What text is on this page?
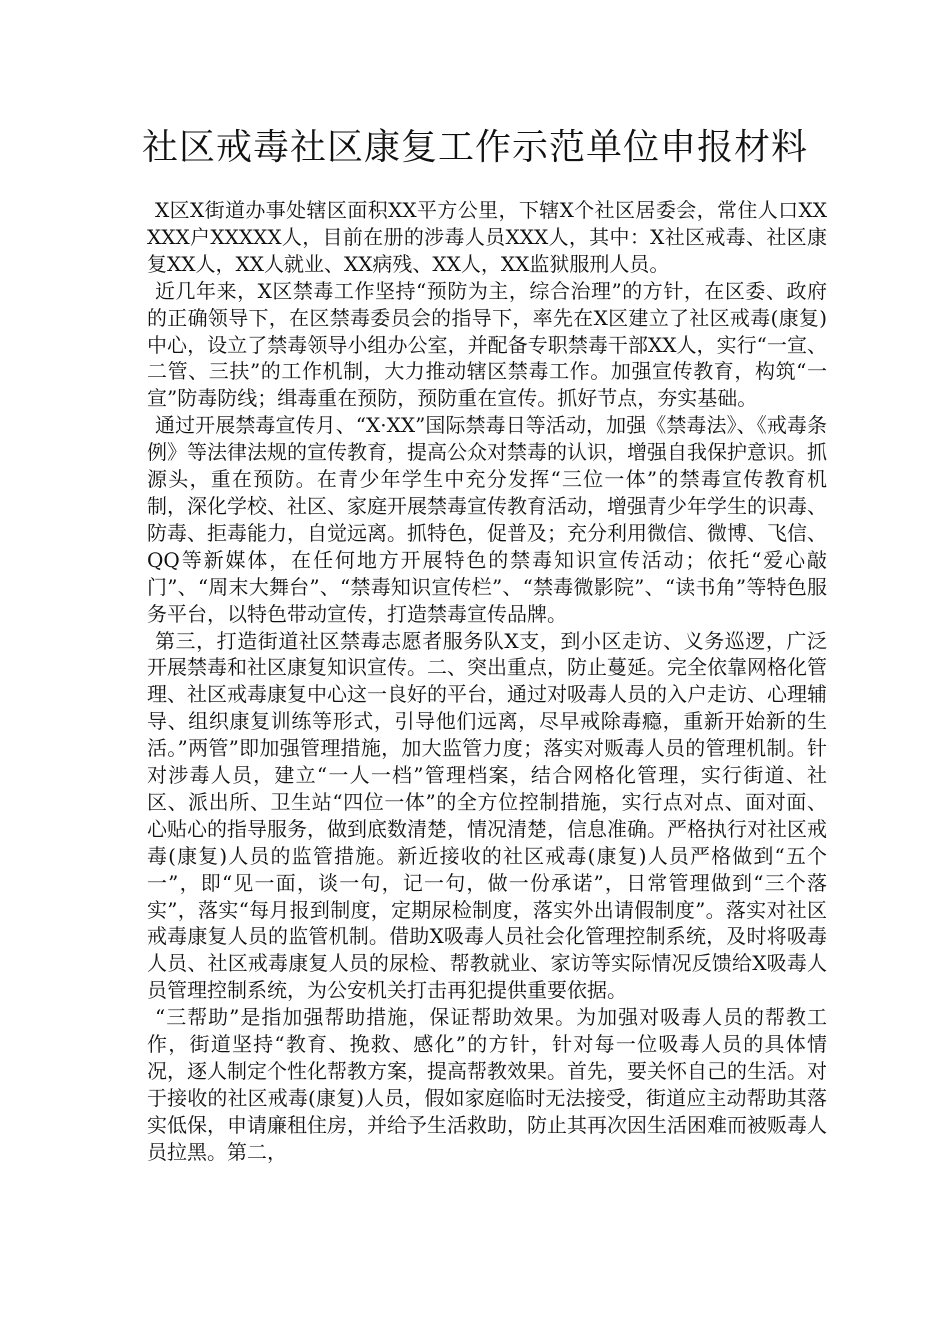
社区戒毒社区康复工作示范单位申报材料

X区X街道办事处辖区面积XX平方公里，下辖X个社区居委会，常住人口XXXXX户XXXXX人，目前在册的涉毒人员XXX人，其中：X社区戒毒、社区康复XX人，XX人就业、XX病残、XX人，XX监狱服刑人员。

近几年来，X区禁毒工作坚持“预防为主，综合治理”的方针，在区委、政府的正确领导下，在区禁毒委员会的指导下，率先在X区建立了社区戒毒(康复)中心，设立了禁毒领导小组办公室，并配备专职禁毒干部XX人，实行“一宣、二管、三扶”的工作机制，大力推动辖区禁毒工作。加强宣传教育，构筑“一宣”防毒防线；缉毒重在预防，预防重在宣传。抓好节点，夯实基础。

通过开展禁毒宣传月、“X·XX”国际禁毒日等活动，加强《禁毒法》、《戒毒条例》等法律法规的宣传教育，提高公众对禁毒的认识，增强自我保护意识。抓源头，重在预防。在青少年学生中充分发挥“三位一体”的禁毒宣传教育机制，深化学校、社区、家庭开展禁毒宣传教育活动，增强青少年学生的识毒、防毒、拒毒能力，自觉远离。抓特色，促普及；充分利用微信、微博、飞信、QQ等新媒体，在任何地方开展特色的禁毒知识宣传活动；依托“爱心敲门”、“周末大舞台”、“禁毒知识宣传栏”、“禁毒微影院”、“读书角”等特色服务平台，以特色带动宣传，打造禁毒宣传品牌。

第三，打造街道社区禁毒志愿者服务队X支，到小区走访、义务巡逻，广泛开展禁毒和社区康复知识宣传。二、突出重点，防止蔓延。完全依靠网格化管理、社区戒毒康复中心这一良好的平台，通过对吸毒人员的入户走访、心理辅导、组织康复训练等形式，引导他们远离，尽早戒除毒瘾，重新开始新的生活。”两管”即加强管理措施，加大监管力度；落实对贩毒人员的管理机制。针对涉毒人员，建立“一人一档”管理档案，结合网格化管理，实行街道、社区、派出所、卫生站“四位一体”的全方位控制措施，实行点对点、面对面、心贴心的指导服务，做到底数清楚，情况清楚，信息准确。严格执行对社区戒毒(康复)人员的监管措施。新近接收的社区戒毒(康复)人员严格做到“五个一”，即“见一面，谈一句，记一句，做一份承诺”，日常管理做到“三个落实”，落实“每月报到制度，定期尿检制度，落实外出请假制度”。落实对社区戒毒康复人员的监管机制。借助X吸毒人员社会化管理控制系统，及时将吸毒人员、社区戒毒康复人员的尿检、帮教就业、家访等实际情况反馈给X吸毒人员管理控制系统，为公安机关打击再犯提供重要依据。

“三帮助”是指加强帮助措施，保证帮助效果。为加强对吸毒人员的帮教工作，街道坚持“教育、挽救、感化”的方针，针对每一位吸毒人员的具体情况，逐人制定个性化帮教方案，提高帮教效果。首先，要关怀自己的生活。对于接收的社区戒毒(康复)人员，假如家庭临时无法接受，街道应主动帮助其落实低保，申请廉租住房，并给予生活救助，防止其再次因生活困难而被贩毒人员拉黑。第二，
